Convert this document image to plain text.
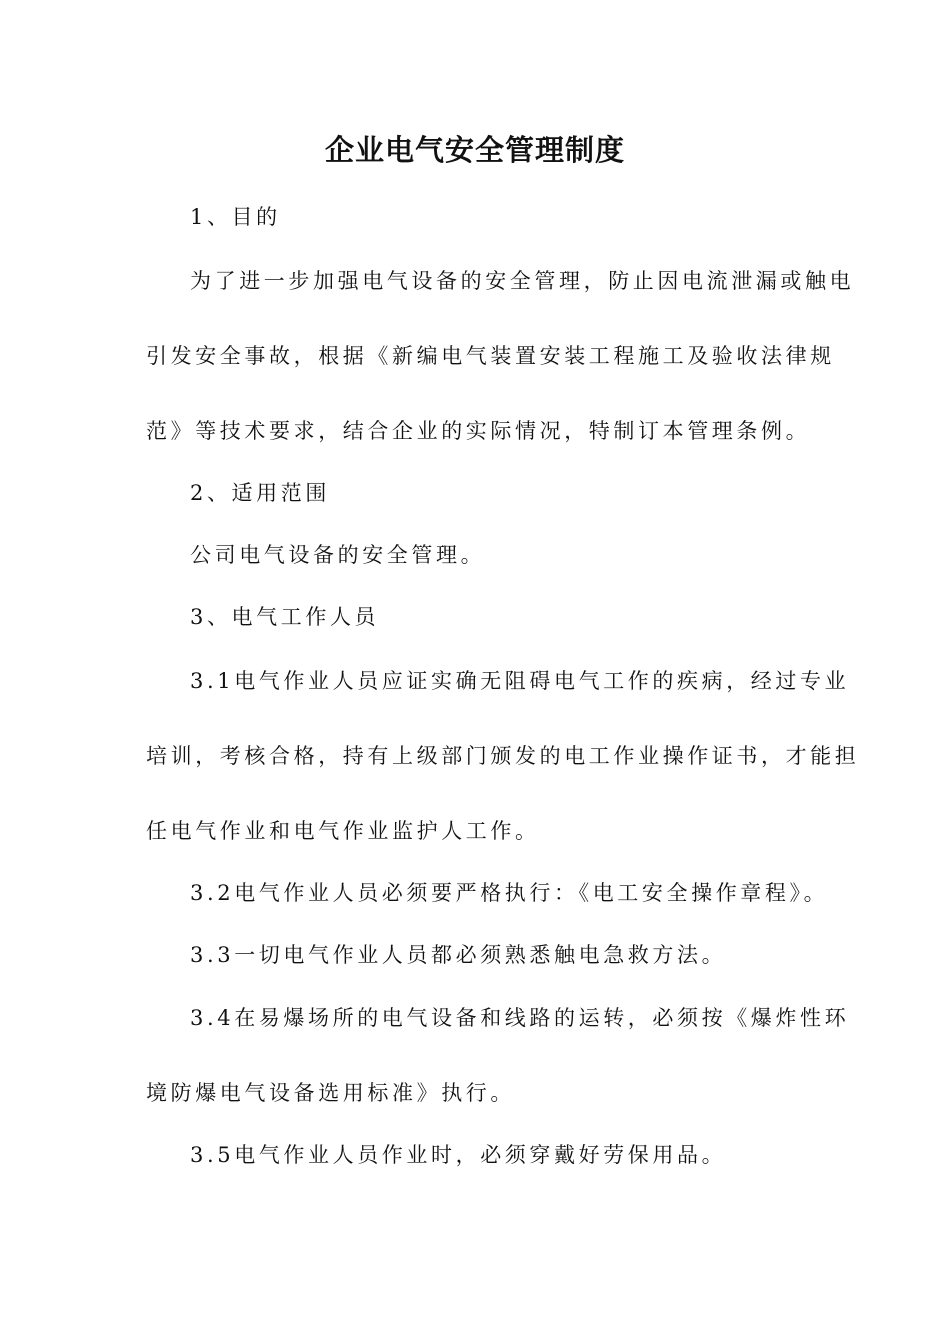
企业电气安全管理制度

1、目的

为了进一步加强电气设备的安全管理，防止因电流泄漏或触电

引发安全事故，根据《新编电气装置安装工程施工及验收法律规

范》等技术要求，结合企业的实际情况，特制订本管理条例。

2、适用范围

公司电气设备的安全管理。

3、电气工作人员

3.1电气作业人员应证实确无阻碍电气工作的疾病，经过专业

培训，考核合格，持有上级部门颁发的电工作业操作证书，才能担

任电气作业和电气作业监护人工作。

3.2电气作业人员必须要严格执行：《电工安全操作章程》。

3.3一切电气作业人员都必须熟悉触电急救方法。

3.4在易爆场所的电气设备和线路的运转，必须按《爆炸性环

境防爆电气设备选用标准》执行。

3.5电气作业人员作业时，必须穿戴好劳保用品。
